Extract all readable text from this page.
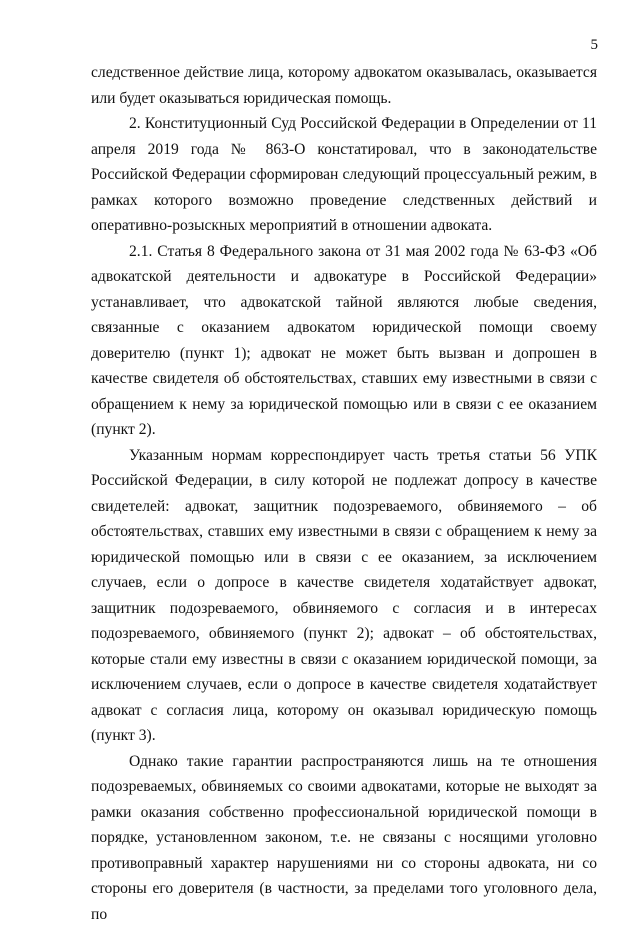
5

следственное действие лица, которому адвокатом оказывалась, оказывается или будет оказываться юридическая помощь.

2. Конституционный Суд Российской Федерации в Определении от 11 апреля 2019 года № 863-О констатировал, что в законодательстве Российской Федерации сформирован следующий процессуальный режим, в рамках которого возможно проведение следственных действий и оперативно-розыскных мероприятий в отношении адвоката.

2.1. Статья 8 Федерального закона от 31 мая 2002 года № 63-ФЗ «Об адвокатской деятельности и адвокатуре в Российской Федерации» устанавливает, что адвокатской тайной являются любые сведения, связанные с оказанием адвокатом юридической помощи своему доверителю (пункт 1); адвокат не может быть вызван и допрошен в качестве свидетеля об обстоятельствах, ставших ему известными в связи с обращением к нему за юридической помощью или в связи с ее оказанием (пункт 2).

Указанным нормам корреспондирует часть третья статьи 56 УПК Российской Федерации, в силу которой не подлежат допросу в качестве свидетелей: адвокат, защитник подозреваемого, обвиняемого – об обстоятельствах, ставших ему известными в связи с обращением к нему за юридической помощью или в связи с ее оказанием, за исключением случаев, если о допросе в качестве свидетеля ходатайствует адвокат, защитник подозреваемого, обвиняемого с согласия и в интересах подозреваемого, обвиняемого (пункт 2); адвокат – об обстоятельствах, которые стали ему известны в связи с оказанием юридической помощи, за исключением случаев, если о допросе в качестве свидетеля ходатайствует адвокат с согласия лица, которому он оказывал юридическую помощь (пункт 3).

Однако такие гарантии распространяются лишь на те отношения подозреваемых, обвиняемых со своими адвокатами, которые не выходят за рамки оказания собственно профессиональной юридической помощи в порядке, установленном законом, т.е. не связаны с носящими уголовно противоправный характер нарушениями ни со стороны адвоката, ни со стороны его доверителя (в частности, за пределами того уголовного дела, по
